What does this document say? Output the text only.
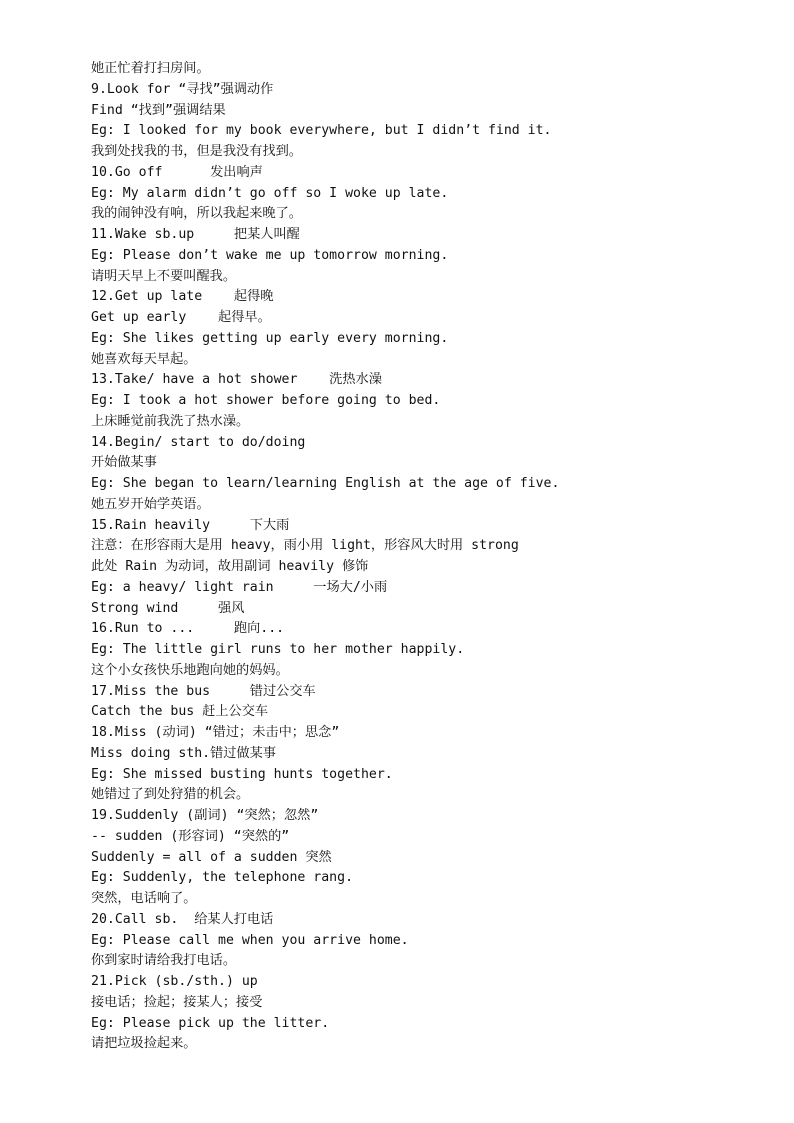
她正忙着打扫房间。
9.Look for “寻找”强调动作
Find “找到”强调结果
Eg: I looked for my book everywhere, but I didn’t find it.
我到处找我的书，但是我没有找到。
10.Go off      发出响声
Eg: My alarm didn’t go off so I woke up late.
我的闹钟没有响，所以我起来晚了。
11.Wake sb.up     把某人叫醒
Eg: Please don’t wake me up tomorrow morning.
请明天早上不要叫醒我。
12.Get up late    起得晚
Get up early    起得早。
Eg: She likes getting up early every morning.
她喜欢每天早起。
13.Take/ have a hot shower    洗热水澡
Eg: I took a hot shower before going to bed.
上床睡觉前我洗了热水澡。
14.Begin/ start to do/doing
开始做某事
Eg: She began to learn/learning English at the age of five.
她五岁开始学英语。
15.Rain heavily     下大雨
注意：在形容雨大是用 heavy，雨小用 light，形容风大时用 strong
此处 Rain 为动词，故用副词 heavily 修饰
Eg: a heavy/ light rain     一场大/小雨
Strong wind     强风
16.Run to ...     跑向...
Eg: The little girl runs to her mother happily.
这个小女孩快乐地跑向她的妈妈。
17.Miss the bus     错过公交车
Catch the bus 赶上公交车
18.Miss (动词) “错过；未击中；思念”
Miss doing sth.错过做某事
Eg: She missed busting hunts together.
她错过了到处狩猎的机会。
19.Suddenly (副词) “突然；忽然”
-- sudden (形容词) “突然的”
Suddenly = all of a sudden 突然
Eg: Suddenly, the telephone rang.
突然，电话响了。
20.Call sb.  给某人打电话
Eg: Please call me when you arrive home.
你到家时请给我打电话。
21.Pick (sb./sth.) up
接电话；捡起；接某人；接受
Eg: Please pick up the litter.
请把垃圾捡起来。
